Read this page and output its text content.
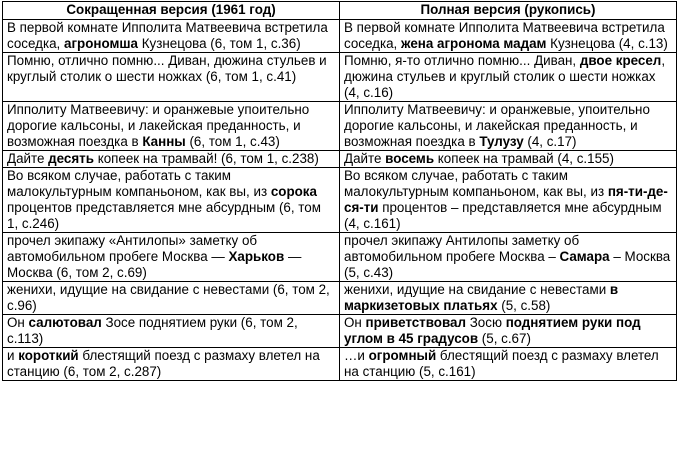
Сокращенная версия (1961 год)	Полная версия (рукопись)
В первой комнате Ипполита Матвеевича встретила соседка, агрономша Кузнецова (6, том 1, с.36)	В первой комнате Ипполита Матвеевича встретила соседка, жена агронома мадам Кузнецова (4, с.13)
Помню, отлично помню... Диван, дюжина стульев и круглый столик о шести ножках (6, том 1, с.41)	Помню, я-то отлично помню... Диван, двое кресел, дюжина стульев и круглый столик о шести ножках (4, с.16)
Ипполиту Матвеевичу: и оранжевые упоительно дорогие кальсоны, и лакейская преданность, и возможная поездка в Канны (6, том 1, с.43)	Ипполиту Матвеевичу: и оранжевые, упоительно дорогие кальсоны, и лакейская преданность, и возможная поездка в Тулузу (4, с.17)
Дайте десять копеек на трамвай! (6, том 1, с.238)	Дайте восемь копеек на трамвай (4, с.155)
Во всяком случае, работать с таким малокультурным компаньоном, как вы, из сорока процентов представляется мне абсурдным (6, том 1, с.246)	Во всяком случае, работать с таким малокультурным компаньоном, как вы, из пя-ти-де-ся-ти процентов – представляется мне абсурдным (4, с.161)
прочел экипажу «Антилопы» заметку об автомобильном пробеге Москва — Харьков — Москва (6, том 2, с.69)	прочел экипажу Антилопы заметку об автомобильном пробеге Москва – Самара – Москва (5, с.43)
женихи, идущие на свидание с невестами (6, том 2, с.96)	женихи, идущие на свидание с невестами в маркизетовых платьях (5, с.58)
Он салютовал Зосе поднятием руки (6, том 2, с.113)	Он приветствовал Зосю поднятием руки под углом в 45 градусов (5, с.67)
и короткий блестящий поезд с размаху влетел на станцию (6, том 2, с.287)	…и огромный блестящий поезд с размаху влетел на станцию (5, с.161)
